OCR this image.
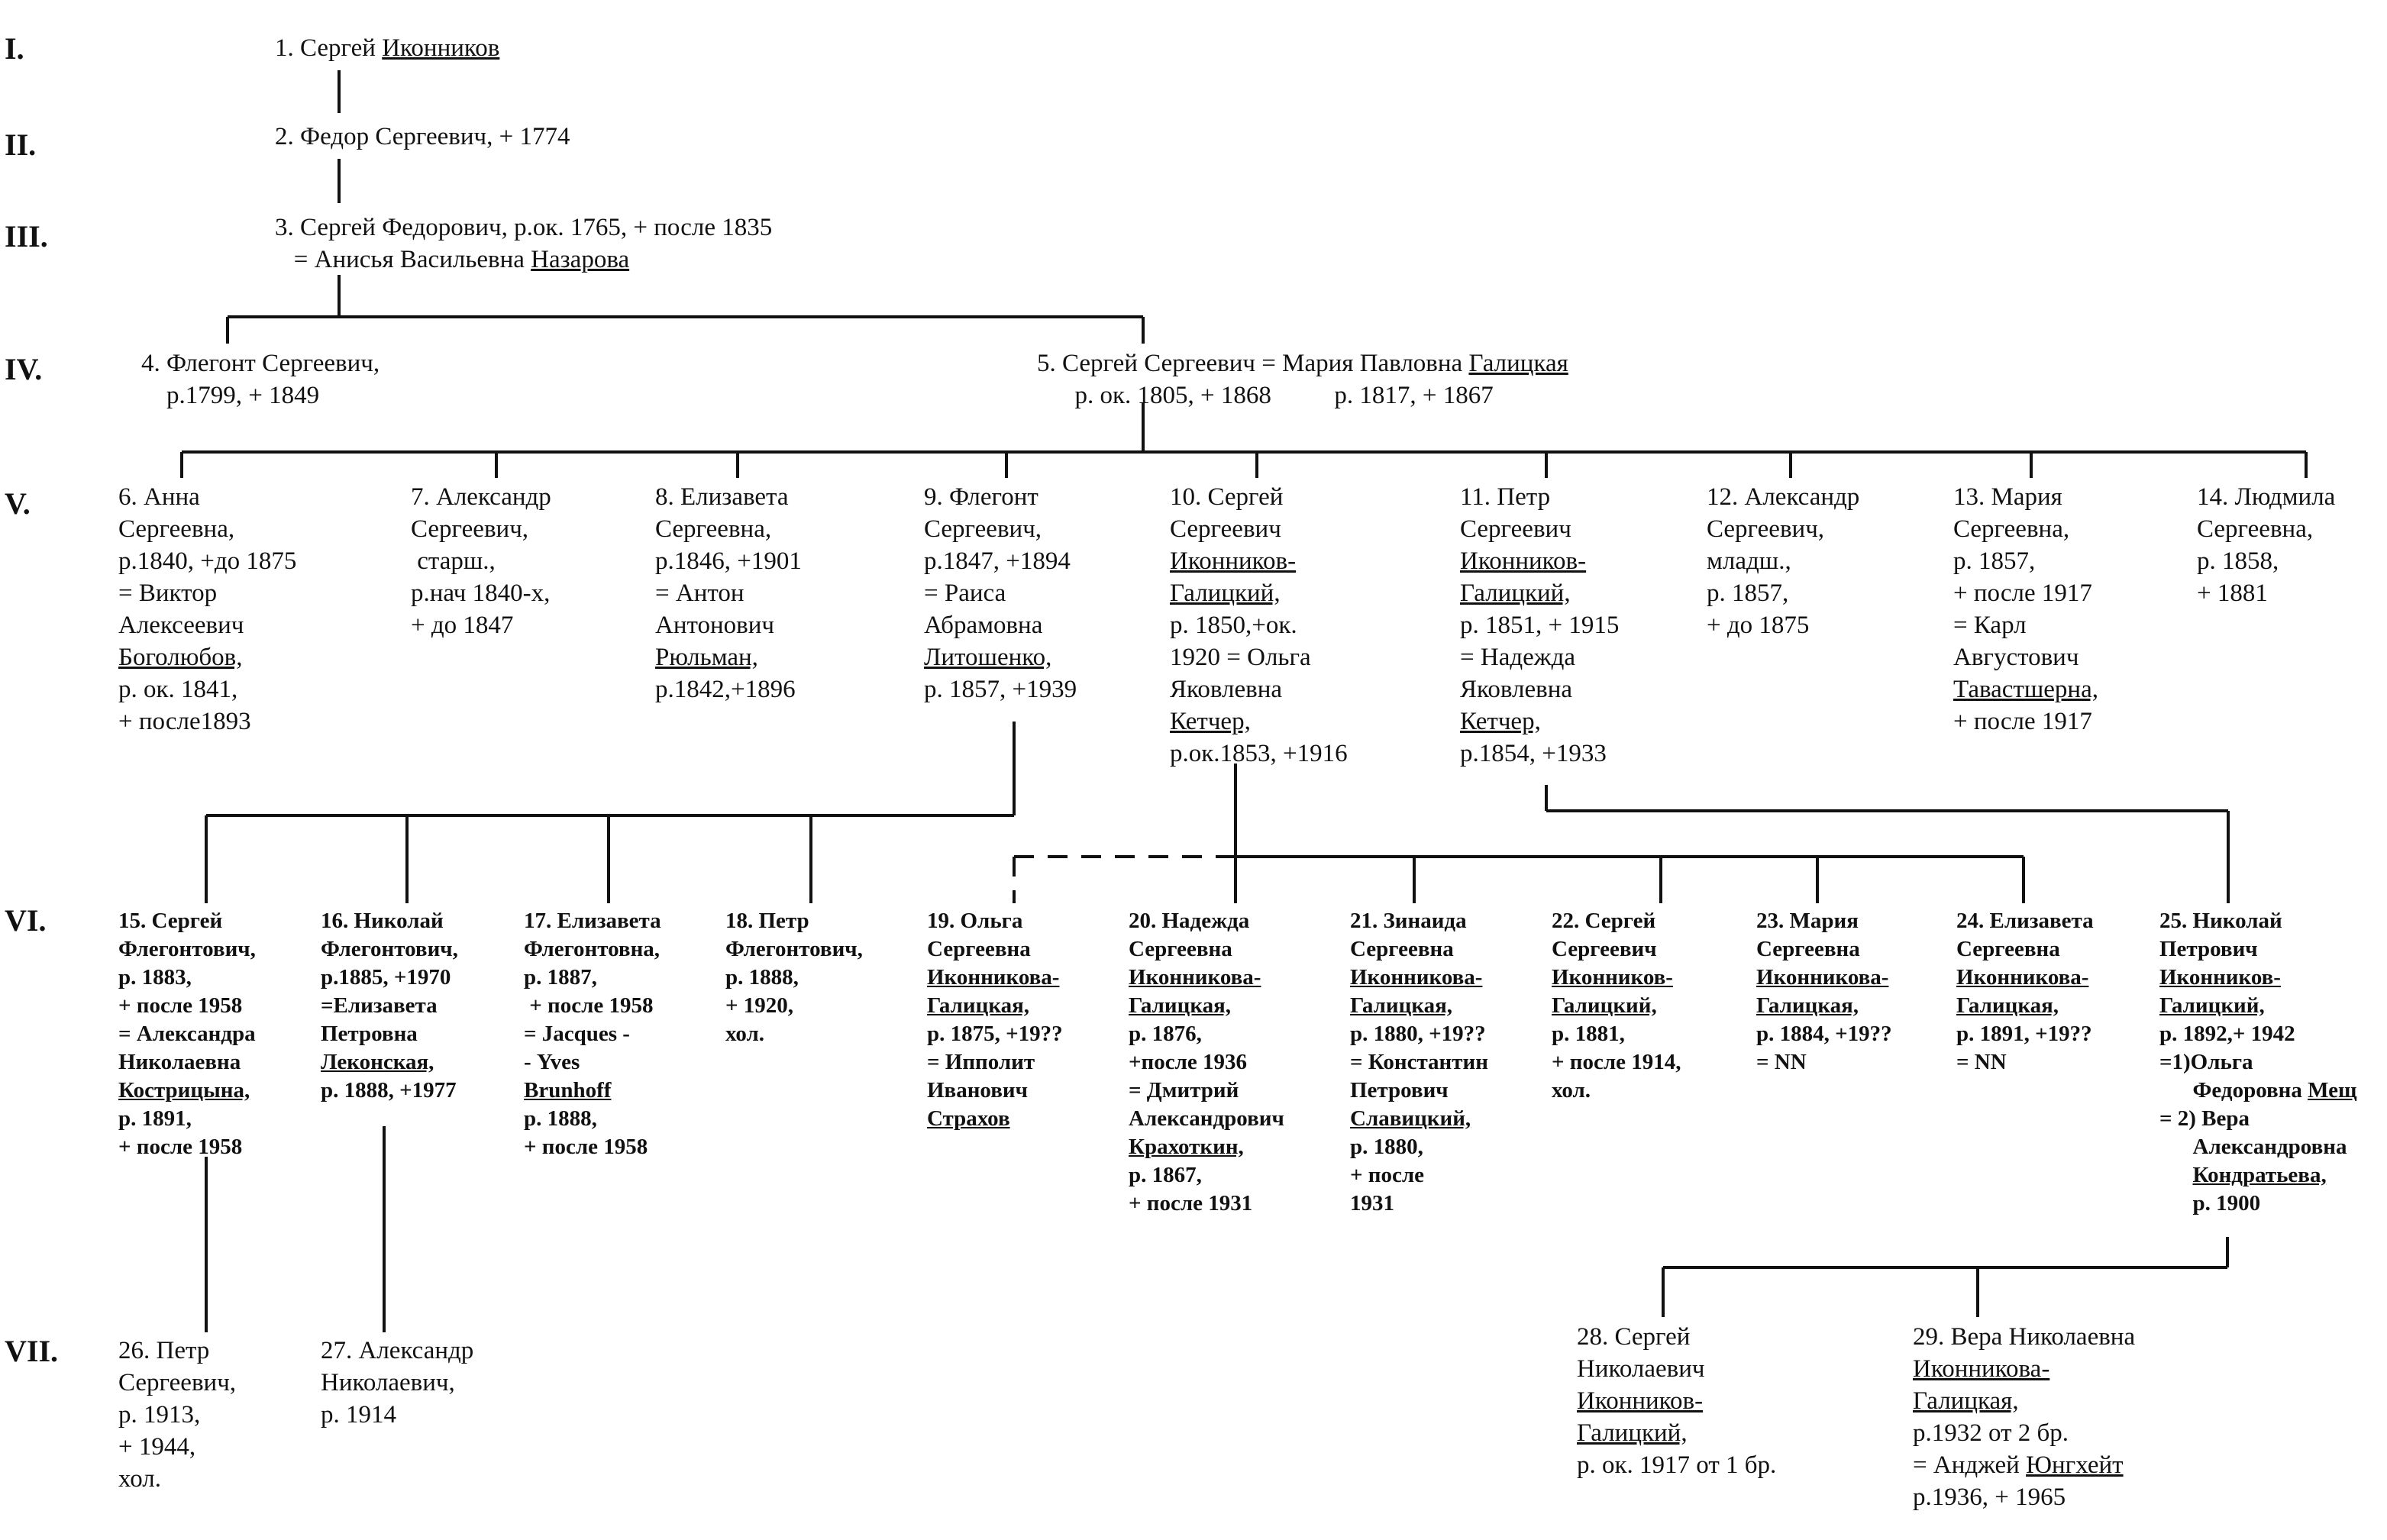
I.
II.
III.
IV.
V.
VI.
VII.
1. Сергей Иконников
2. Федор Сергеевич, + 1774
3. Сергей Федорович, р.ок. 1765, + после 1835
= Анисья Васильевна Назарова
4. Флегонт Сергеевич,
р.1799, + 1849
5. Сергей Сергеевич = Мария Павловна Галицкая
р. ок. 1805, + 1868          р. 1817, + 1867
6. Анна
Сергеевна,
р.1840, +до 1875
= Виктор
Алексеевич
Боголюбов,
р. ок. 1841,
+ после1893
7. Александр
Сергеевич,
старш.,
р.нач 1840-х,
+ до 1847
8. Елизавета
Сергеевна,
р.1846, +1901
= Антон
Антонович
Рюльман,
р.1842,+1896
9. Флегонт
Сергеевич,
р.1847, +1894
= Раиса
Абрамовна
Литошенко,
р. 1857, +1939
10. Сергей
Сергеевич
Иконников-
Галицкий,
р. 1850,+ок.
1920 = Ольга
Яковлевна
Кетчер,
р.ок.1853, +1916
11. Петр
Сергеевич
Иконников-
Галицкий,
р. 1851, + 1915
= Надежда
Яковлевна
Кетчер,
р.1854, +1933
12. Александр
Сергеевич,
младш.,
р. 1857,
+ до 1875
13. Мария
Сергеевна,
р. 1857,
+ после 1917
= Карл
Августович
Тавастшерна,
+ после 1917
14. Людмила
Сергеевна,
р. 1858,
+ 1881
15. Сергей
Флегонтович,
р. 1883,
+ после 1958
= Александра
Николаевна
Кострицына,
р. 1891,
+ после 1958
16. Николай
Флегонтович,
р.1885, +1970
=Елизавета
Петровна
Леконская,
р. 1888, +1977
17. Елизавета
Флегонтовна,
р. 1887,
+ после 1958
= Jacques -
- Yves
Brunhoff
р. 1888,
+ после 1958
18. Петр
Флегонтович,
р. 1888,
+ 1920,
хол.
19. Ольга
Сергеевна
Иконникова-
Галицкая,
р. 1875, +19??
= Ипполит
Иванович
Страхов
20. Надежда
Сергеевна
Иконникова-
Галицкая,
р. 1876,
+после 1936
= Дмитрий
Александрович
Крахоткин,
р. 1867,
+ после 1931
21. Зинаида
Сергеевна
Иконникова-
Галицкая,
р. 1880, +19??
= Константин
Петрович
Славицкий,
р. 1880,
+ после
1931
22. Сергей
Сергеевич
Иконников-
Галицкий,
р. 1881,
+ после 1914,
хол.
23. Мария
Сергеевна
Иконникова-
Галицкая,
р. 1884, +19??
= NN
24. Елизавета
Сергеевна
Иконникова-
Галицкая,
р. 1891, +19??
= NN
25. Николай
Петрович
Иконников-
Галицкий,
р. 1892,+ 1942
=1)Ольга
Федоровна Мещ
= 2) Вера
Александровна
Кондратьева,
р. 1900
26. Петр
Сергеевич,
р. 1913,
+ 1944,
хол.
27. Александр
Николаевич,
р. 1914
28. Сергей
Николаевич
Иконников-
Галицкий,
р. ок. 1917 от 1 бр.
29. Вера Николаевна
Иконникова-
Галицкая,
р.1932 от 2 бр.
= Анджей Юнгхейт
р.1936, + 1965
